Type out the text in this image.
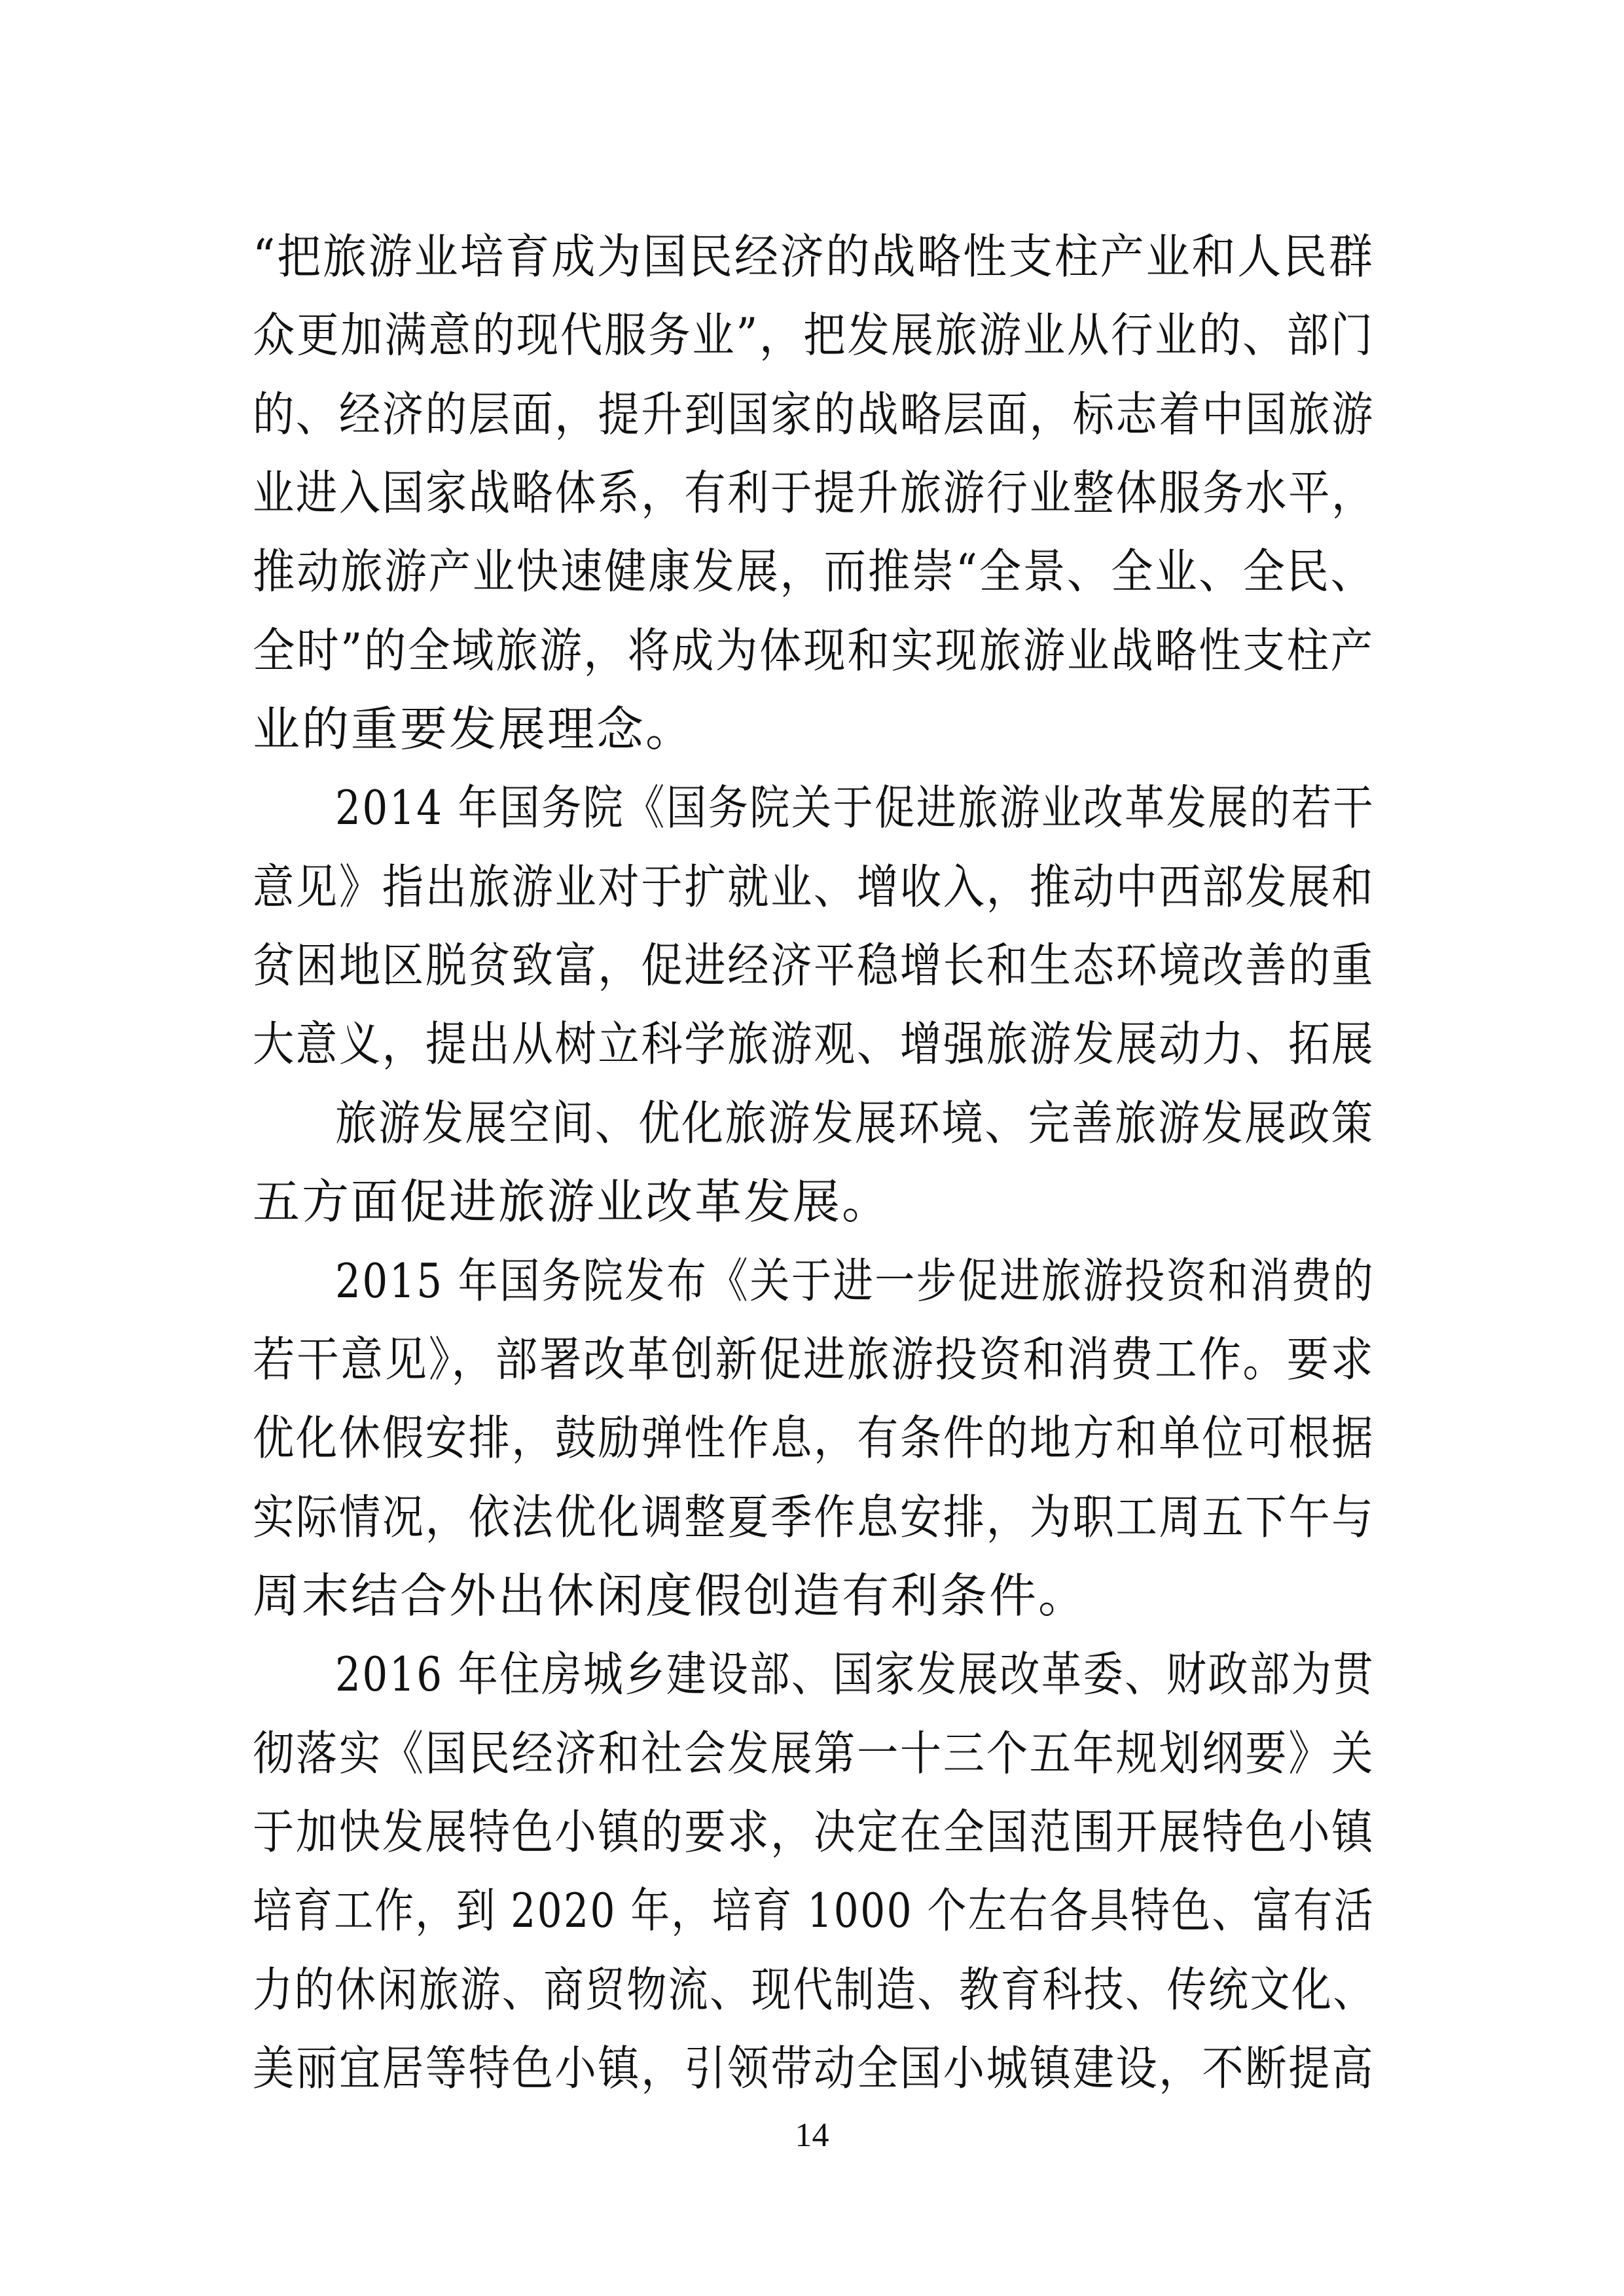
“把旅游业培育成为国民经济的战略性支柱产业和人民群
众更加满意的现代服务业”，把发展旅游业从行业的、部门
的、经济的层面，提升到国家的战略层面，标志着中国旅游
业进入国家战略体系，有利于提升旅游行业整体服务水平，
推动旅游产业快速健康发展，而推崇“全景、全业、全民、
全时”的全域旅游，将成为体现和实现旅游业战略性支柱产
业的重要发展理念。
2014 年国务院《国务院关于促进旅游业改革发展的若干
意见》指出旅游业对于扩就业、增收入，推动中西部发展和
贫困地区脱贫致富，促进经济平稳增长和生态环境改善的重
大意义，提出从树立科学旅游观、增强旅游发展动力、拓展
旅游发展空间、优化旅游发展环境、完善旅游发展政策
五方面促进旅游业改革发展。
2015 年国务院发布《关于进一步促进旅游投资和消费的
若干意见》，部署改革创新促进旅游投资和消费工作。要求
优化休假安排，鼓励弹性作息，有条件的地方和单位可根据
实际情况，依法优化调整夏季作息安排，为职工周五下午与
周末结合外出休闲度假创造有利条件。
2016 年住房城乡建设部、国家发展改革委、财政部为贯
彻落实《国民经济和社会发展第一十三个五年规划纲要》关
于加快发展特色小镇的要求，决定在全国范围开展特色小镇
培育工作，到 2020 年，培育 1000 个左右各具特色、富有活
力的休闲旅游、商贸物流、现代制造、教育科技、传统文化、
美丽宜居等特色小镇，引领带动全国小城镇建设，不断提高
14
